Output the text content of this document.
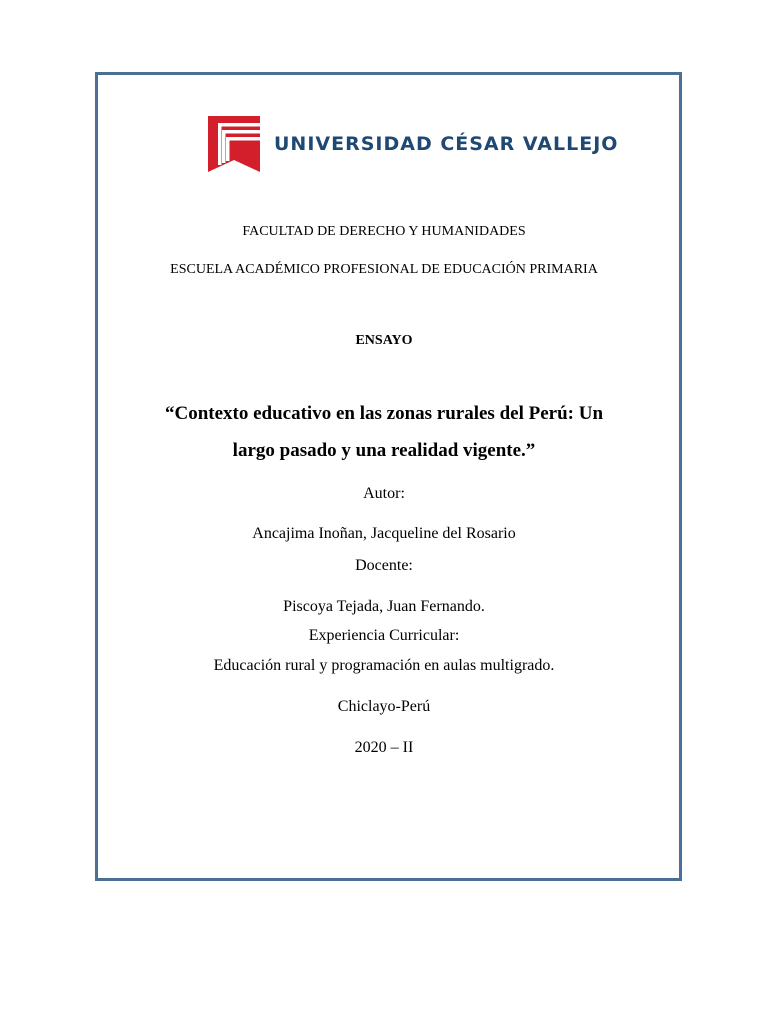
UNIVERSIDAD CÉSAR VALLEJO
FACULTAD DE DERECHO Y HUMANIDADES
ESCUELA ACADÉMICO PROFESIONAL DE EDUCACIÓN PRIMARIA
ENSAYO
“Contexto educativo en las zonas rurales del Perú: Un
largo pasado y una realidad vigente.”
Autor:
Ancajima Inoñan, Jacqueline del Rosario
Docente:
Piscoya Tejada, Juan Fernando.
Experiencia Curricular:
Educación rural y programación en aulas multigrado.
Chiclayo-Perú
2020 – II
